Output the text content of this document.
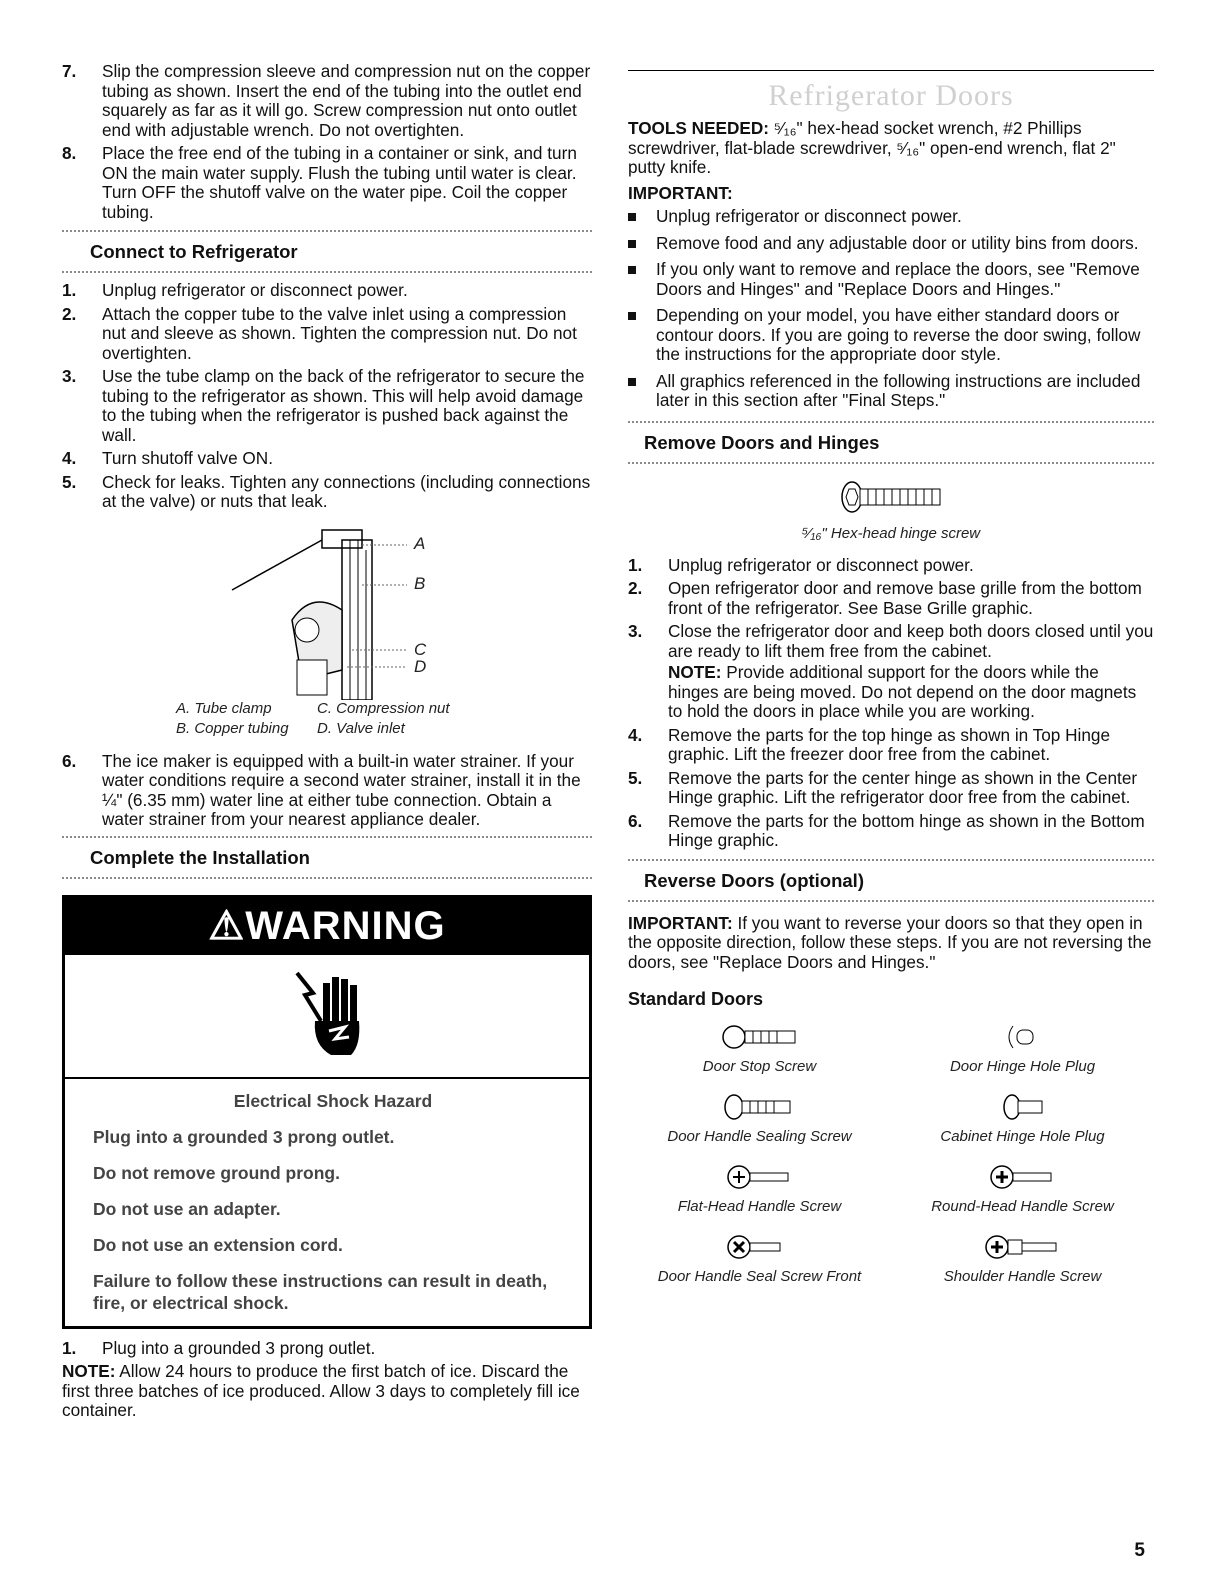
7. Slip the compression sleeve and compression nut on the copper tubing as shown. Insert the end of the tubing into the outlet end squarely as far as it will go. Screw compression nut onto outlet end with adjustable wrench. Do not overtighten.
8. Place the free end of the tubing in a container or sink, and turn ON the main water supply. Flush the tubing until water is clear. Turn OFF the shutoff valve on the water pipe. Coil the copper tubing.
Connect to Refrigerator
1. Unplug refrigerator or disconnect power.
2. Attach the copper tube to the valve inlet using a compression nut and sleeve as shown. Tighten the compression nut. Do not overtighten.
3. Use the tube clamp on the back of the refrigerator to secure the tubing to the refrigerator as shown. This will help avoid damage to the tubing when the refrigerator is pushed back against the wall.
4. Turn shutoff valve ON.
5. Check for leaks. Tighten any connections (including connections at the valve) or nuts that leak.
A
B
C
D
A. Tube clamp	C. Compression nut
B. Copper tubing D. Valve inlet
6. The ice maker is equipped with a built-in water strainer. If your water conditions require a second water strainer, install it in the ¼" (6.35 mm) water line at either tube connection. Obtain a water strainer from your nearest appliance dealer.
Complete the Installation
⚠WARNING
Electrical Shock Hazard

Plug into a grounded 3 prong outlet.

Do not remove ground prong.

Do not use an adapter.

Do not use an extension cord.

Failure to follow these instructions can result in death, fire, or electrical shock.

1. Plug into a grounded 3 prong outlet.

NOTE: Allow 24 hours to produce the first batch of ice. Discard the first three batches of ice produced. Allow 3 days to completely fill ice container.

Refrigerator Doors

TOOLS NEEDED: ⁵⁄₁₆" hex-head socket wrench, #2 Phillips screwdriver, flat-blade screwdriver, ⁵⁄₁₆" open-end wrench, flat 2" putty knife.

IMPORTANT:

Unplug refrigerator or disconnect power.
Remove food and any adjustable door or utility bins from doors.
If you only want to remove and replace the doors, see "Remove Doors and Hinges" and "Replace Doors and Hinges."
Depending on your model, you have either standard doors or contour doors. If you are going to reverse the door swing, follow the instructions for the appropriate door style.
All graphics referenced in the following instructions are included later in this section after "Final Steps."
Remove Doors and Hinges
⁵⁄₁₆" Hex-head hinge screw
1. Unplug refrigerator or disconnect power.
2. Open refrigerator door and remove base grille from the bottom front of the refrigerator. See Base Grille graphic.
3. Close the refrigerator door and keep both doors closed until you are ready to lift them free from the cabinet.
NOTE: Provide additional support for the doors while the hinges are being moved. Do not depend on the door magnets to hold the doors in place while you are working.
4. Remove the parts for the top hinge as shown in Top Hinge graphic. Lift the freezer door free from the cabinet.
5. Remove the parts for the center hinge as shown in the Center Hinge graphic. Lift the refrigerator door free from the cabinet.
6. Remove the parts for the bottom hinge as shown in the Bottom Hinge graphic.
Reverse Doors (optional)

IMPORTANT: If you want to reverse your doors so that they open in the opposite direction, follow these steps. If you are not reversing the doors, see "Replace Doors and Hinges."

Standard Doors

Door Stop Screw	Door Hinge Hole Plug
Door Handle Sealing Screw	Cabinet Hinge Hole Plug
Flat-Head Handle Screw	Round-Head Handle Screw
Door Handle Seal Screw Front	Shoulder Handle Screw
5
